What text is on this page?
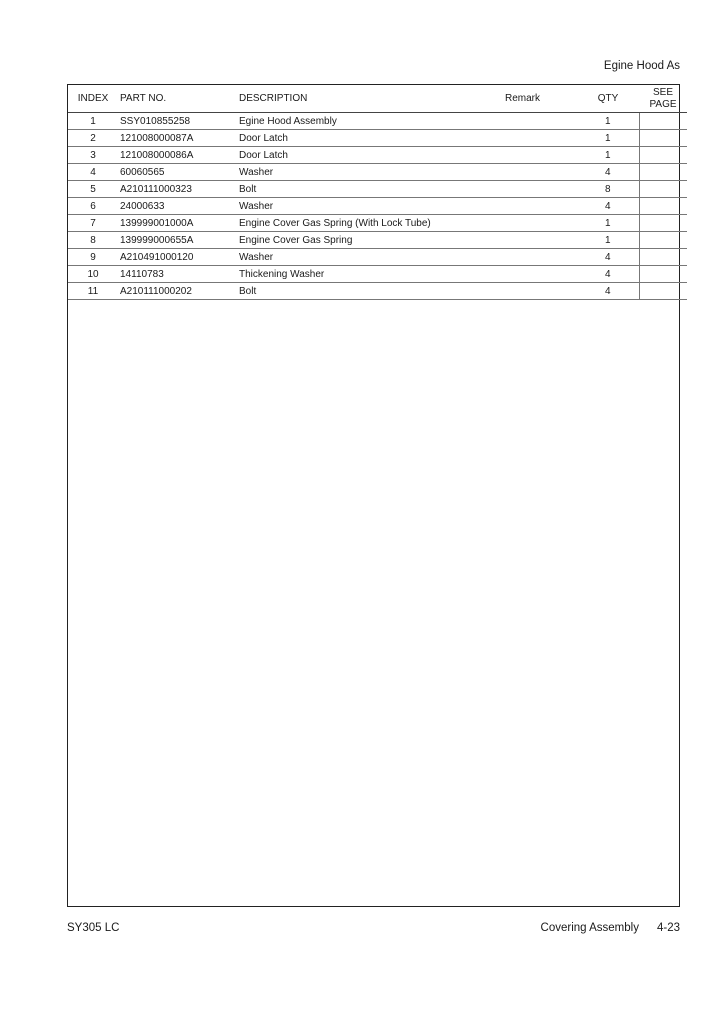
Egine Hood As
INDEX	PART NO.	DESCRIPTION	Remark	QTY	SEE
PAGE
1	SSY010855258	Egine Hood Assembly		1	
2	121008000087A	Door Latch		1	
3	121008000086A	Door Latch		1	
4	60060565	Washer		4	
5	A210111000323	Bolt		8	
6	24000633	Washer		4	
7	139999001000A	Engine Cover Gas Spring (With Lock Tube)		1	
8	139999000655A	Engine Cover Gas Spring		1	
9	A210491000120	Washer		4	
10	14110783	Thickening Washer		4	
11	A210111000202	Bolt		4	
SY305 LC	Covering Assembly 4-23
